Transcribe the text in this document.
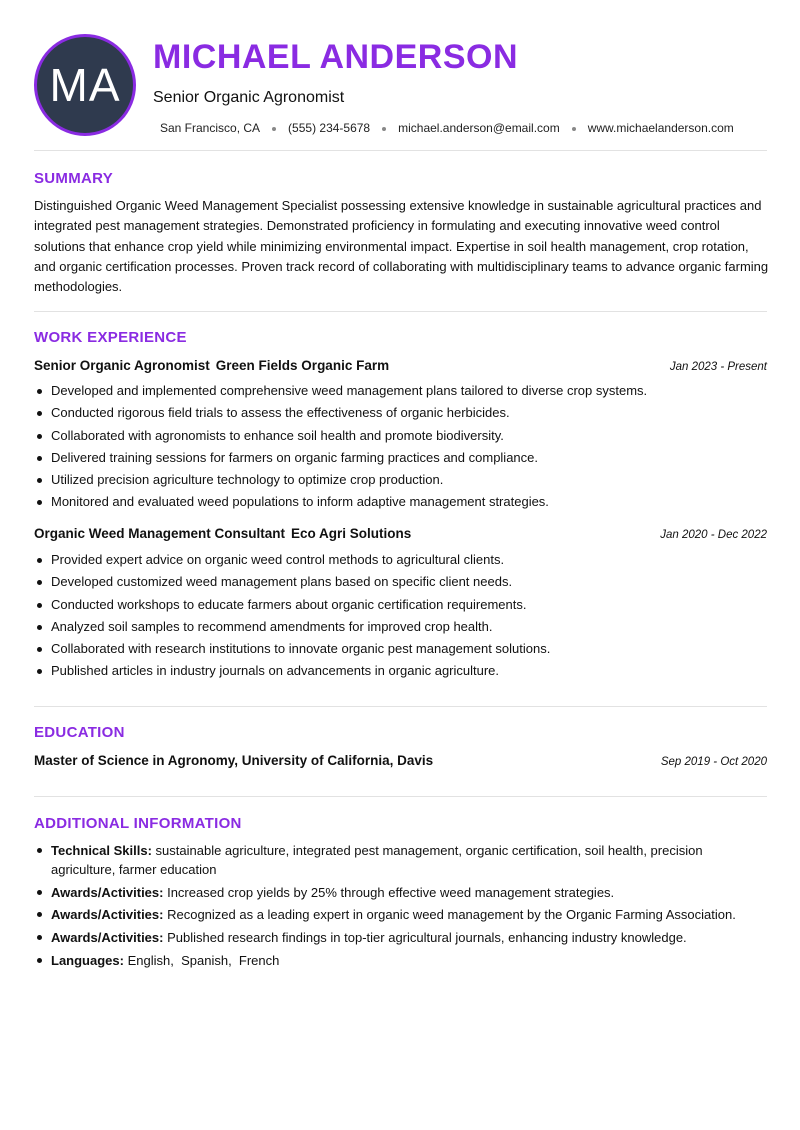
MA
MICHAEL ANDERSON
Senior Organic Agronomist
San Francisco, CA (555) 234-5678 michael.anderson@email.com www.michaelanderson.com
SUMMARY

Distinguished Organic Weed Management Specialist possessing extensive knowledge in sustainable agricultural practices and integrated pest management strategies. Demonstrated proficiency in formulating and executing innovative weed control solutions that enhance crop yield while minimizing environmental impact. Expertise in soil health management, crop rotation, and organic certification processes. Proven track record of collaborating with multidisciplinary teams to advance organic farming methodologies.

WORK EXPERIENCE
Senior Organic Agronomist Green Fields Organic Farm	Jan 2023 - Present
Developed and implemented comprehensive weed management plans tailored to diverse crop systems.
Conducted rigorous field trials to assess the effectiveness of organic herbicides.
Collaborated with agronomists to enhance soil health and promote biodiversity.
Delivered training sessions for farmers on organic farming practices and compliance.
Utilized precision agriculture technology to optimize crop production.
Monitored and evaluated weed populations to inform adaptive management strategies.
Organic Weed Management Consultant Eco Agri Solutions	Jan 2020 - Dec 2022
Provided expert advice on organic weed control methods to agricultural clients.
Developed customized weed management plans based on specific client needs.
Conducted workshops to educate farmers about organic certification requirements.
Analyzed soil samples to recommend amendments for improved crop health.
Collaborated with research institutions to innovate organic pest management solutions.
Published articles in industry journals on advancements in organic agriculture.
EDUCATION
Master of Science in Agronomy, University of California, Davis	Sep 2019 - Oct 2020
ADDITIONAL INFORMATION
Technical Skills: sustainable agriculture, integrated pest management, organic certification, soil health, precision agriculture, farmer education
Awards/Activities: Increased crop yields by 25% through effective weed management strategies.
Awards/Activities: Recognized as a leading expert in organic weed management by the Organic Farming Association.
Awards/Activities: Published research findings in top-tier agricultural journals, enhancing industry knowledge.
Languages: English , Spanish , French
